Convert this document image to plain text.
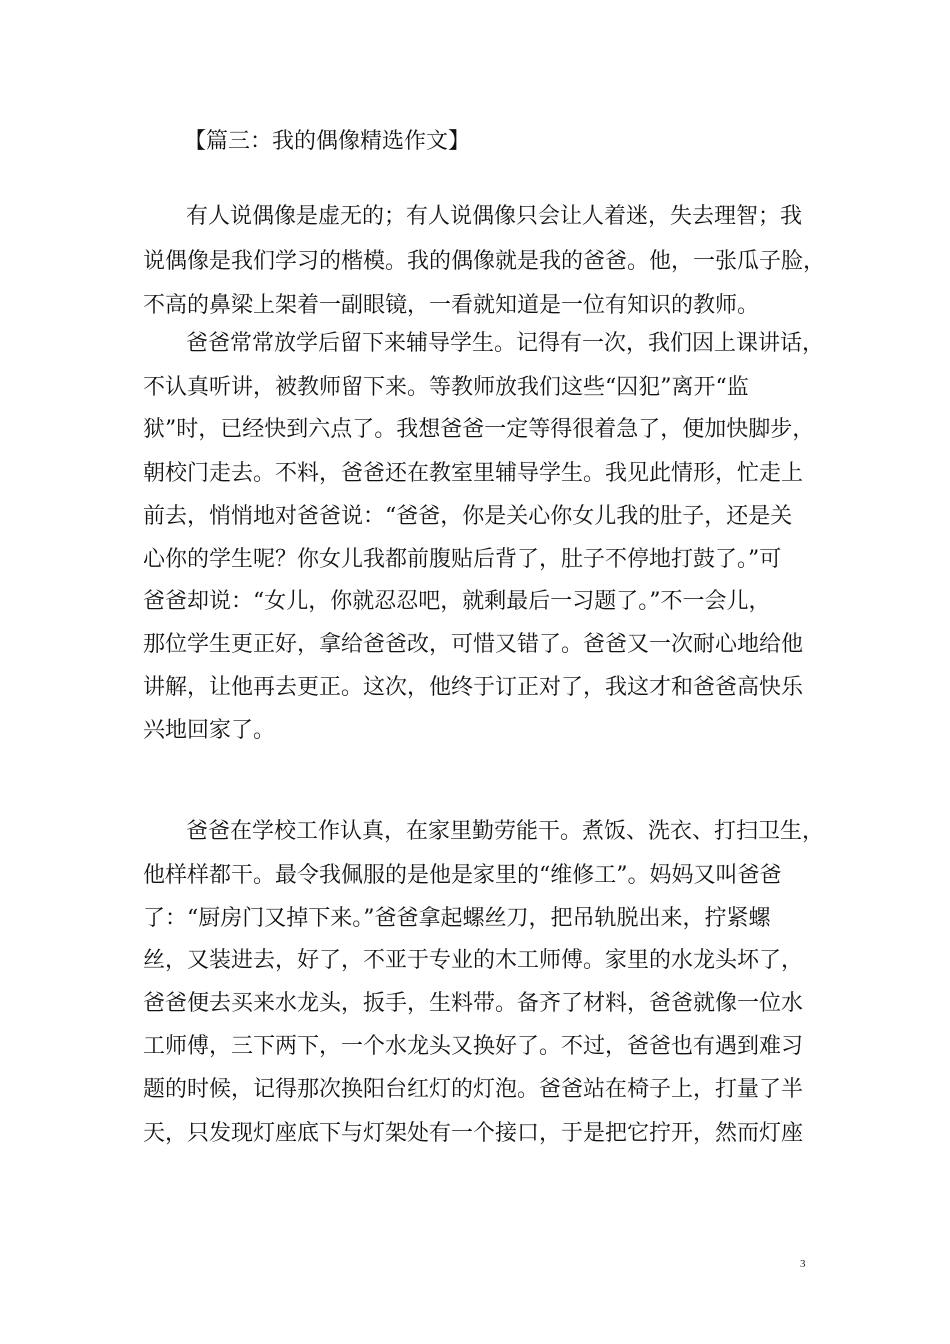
【篇三：我的偶像精选作文】
有人说偶像是虚无的；有人说偶像只会让人着迷，失去理智；我
说偶像是我们学习的楷模。我的偶像就是我的爸爸。他，一张瓜子脸，
不高的鼻梁上架着一副眼镜，一看就知道是一位有知识的教师。
爸爸常常放学后留下来辅导学生。记得有一次，我们因上课讲话，
不认真听讲，被教师留下来。等教师放我们这些“囚犯”离开“监
狱”时，已经快到六点了。我想爸爸一定等得很着急了，便加快脚步，
朝校门走去。不料，爸爸还在教室里辅导学生。我见此情形，忙走上
前去，悄悄地对爸爸说：“爸爸，你是关心你女儿我的肚子，还是关
心你的学生呢？你女儿我都前腹贴后背了，肚子不停地打鼓了。”可
爸爸却说：“女儿，你就忍忍吧，就剩最后一习题了。”不一会儿，
那位学生更正好，拿给爸爸改，可惜又错了。爸爸又一次耐心地给他
讲解，让他再去更正。这次，他终于订正对了，我这才和爸爸高快乐
兴地回家了。
爸爸在学校工作认真，在家里勤劳能干。煮饭、洗衣、打扫卫生，
他样样都干。最令我佩服的是他是家里的“维修工”。妈妈又叫爸爸
了：“厨房门又掉下来。”爸爸拿起螺丝刀，把吊轨脱出来，拧紧螺
丝，又装进去，好了，不亚于专业的木工师傅。家里的水龙头坏了，
爸爸便去买来水龙头，扳手，生料带。备齐了材料，爸爸就像一位水
工师傅，三下两下，一个水龙头又换好了。不过，爸爸也有遇到难习
题的时候，记得那次换阳台红灯的灯泡。爸爸站在椅子上，打量了半
天，只发现灯座底下与灯架处有一个接口，于是把它拧开，然而灯座
3
